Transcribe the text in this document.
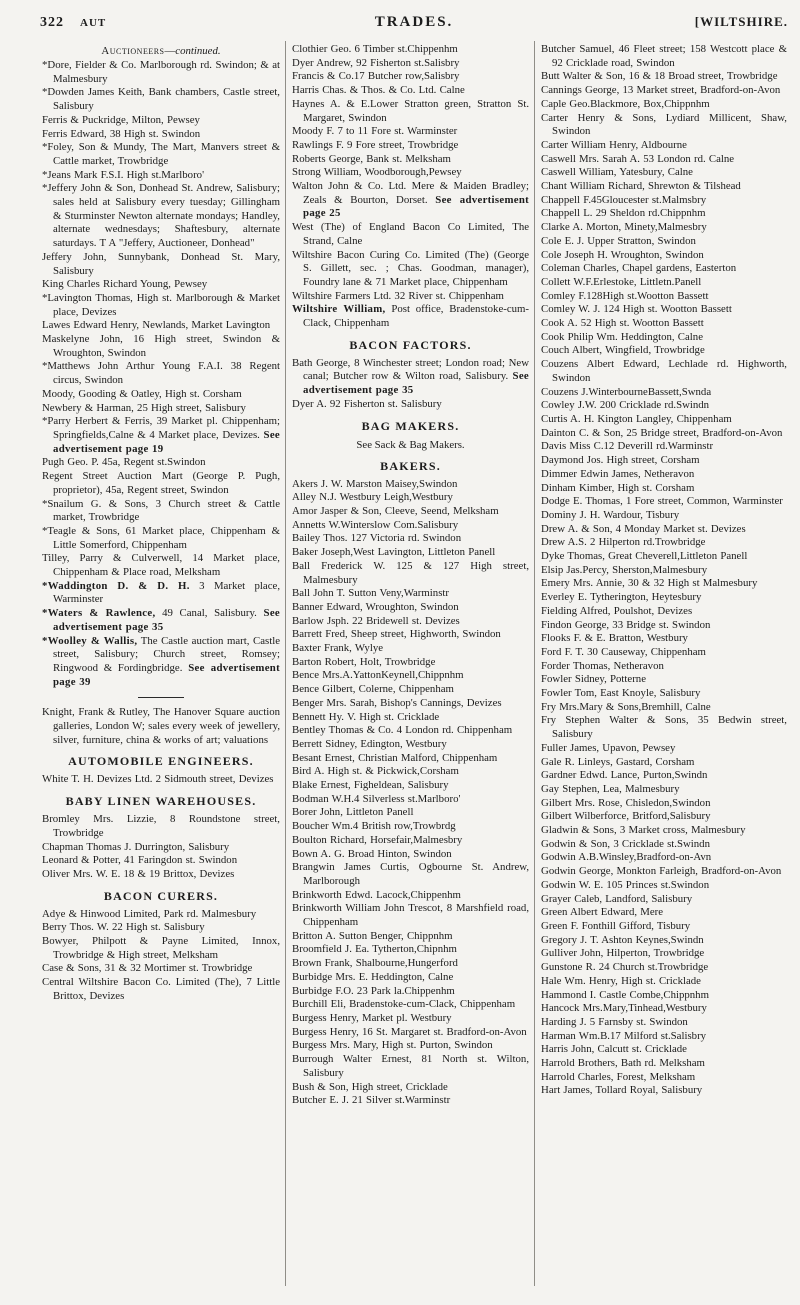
322 AUT	TRADES.	[WILTSHIRE.
Auctioneers—continued.
*Dore, Fielder & Co. Marlborough rd. Swindon; & at Malmesbury
*Dowden James Keith, Bank chambers, Castle street, Salisbury
Ferris & Puckridge, Milton, Pewsey
Ferris Edward, 38 High st. Swindon
*Foley, Son & Mundy, The Mart, Manvers street & Cattle market, Trowbridge
*Jeans Mark F.S.I. High st.Marlboro'
*Jeffery John & Son, Donhead St. Andrew, Salisbury; sales held at Salisbury every tuesday; Gillingham & Sturminster Newton alternate mondays; Handley, alternate wednesdays; Shaftesbury, alternate saturdays. T A "Jeffery, Auctioneer, Donhead"
Jeffery John, Sunnybank, Donhead St. Mary, Salisbury
King Charles Richard Young, Pewsey
*Lavington Thomas, High st. Marlborough & Market place, Devizes
Lawes Edward Henry, Newlands, Market Lavington
Maskelyne John, 16 High street, Swindon & Wroughton, Swindon
*Matthews John Arthur Young F.A.I. 38 Regent circus, Swindon
Moody, Gooding & Oatley, High st. Corsham
Newbery & Harman, 25 High street, Salisbury
*Parry Herbert & Ferris, 39 Market pl. Chippenham; Springfields,Calne & 4 Market place, Devizes. See advertisement page 19
Pugh Geo. P. 45a, Regent st.Swindon
Regent Street Auction Mart (George P. Pugh, proprietor), 45a, Regent street, Swindon
*Snailum G. & Sons, 3 Church street & Cattle market, Trowbridge
*Teagle & Sons, 61 Market place, Chippenham & Little Somerford, Chippenham
Tilley, Parry & Culverwell, 14 Market place, Chippenham & Place road, Melksham
*Waddington D. & D. H. 3 Market place, Warminster
*Waters & Rawlence, 49 Canal, Salisbury. See advertisement page 35
*Woolley & Wallis, The Castle auction mart, Castle street, Salisbury; Church street, Romsey; Ringwood & Fordingbridge. See advertisement page 39
Knight, Frank & Rutley, The Hanover Square auction galleries, London W; sales every week of jewellery, silver, furniture, china & works of art; valuations
AUTOMOBILE ENGINEERS.
White T. H. Devizes Ltd. 2 Sidmouth street, Devizes
BABY LINEN WAREHOUSES.
Bromley Mrs. Lizzie, 8 Roundstone street, Trowbridge
Chapman Thomas J. Durrington, Salisbury
Leonard & Potter, 41 Faringdon st. Swindon
Oliver Mrs. W. E. 18 & 19 Brittox, Devizes
BACON CURERS.
Adye & Hinwood Limited, Park rd. Malmesbury
Berry Thos. W. 22 High st. Salisbury
Bowyer, Philpott & Payne Limited, Innox, Trowbridge & High street, Melksham
Case & Sons, 31 & 32 Mortimer st. Trowbridge
Central Wiltshire Bacon Co. Limited (The), 7 Little Brittox, Devizes
Clothier Geo. 6 Timber st.Chippenhm
Dyer Andrew, 92 Fisherton st.Salisbry
Francis & Co.17 Butcher row,Salisbry
Harris Chas. & Thos. & Co. Ltd. Calne
Haynes A. & E.Lower Stratton green, Stratton St. Margaret, Swindon
Moody F. 7 to 11 Fore st. Warminster
Rawlings F. 9 Fore street, Trowbridge
Roberts George, Bank st. Melksham
Strong William, Woodborough,Pewsey
Walton John & Co. Ltd. Mere & Maiden Bradley; Zeals & Bourton, Dorset. See advertisement page 25
West (The) of England Bacon Co Limited, The Strand, Calne
Wiltshire Bacon Curing Co. Limited (The) (George S. Gillett, sec. ; Chas. Goodman, manager), Foundry lane & 71 Market place, Chippenham
Wiltshire Farmers Ltd. 32 River st. Chippenham
Wiltshire William, Post office, Bradenstoke-cum-Clack, Chippenham
BACON FACTORS.
Bath George, 8 Winchester street; London road; New canal; Butcher row & Wilton road, Salisbury. See advertisement page 35
Dyer A. 92 Fisherton st. Salisbury
BAG MAKERS.
See Sack & Bag Makers.
BAKERS.
Akers J. W. Marston Maisey,Swindon
Alley N.J. Westbury Leigh,Westbury
Amor Jasper & Son, Cleeve, Seend, Melksham
Annetts W.Winterslow Com.Salisbury
Bailey Thos. 127 Victoria rd. Swindon
Baker Joseph,West Lavington, Littleton Panell
Ball Frederick W. 125 & 127 High street, Malmesbury
Ball John T. Sutton Veny,Warminstr
Banner Edward, Wroughton, Swindon
Barlow Jsph. 22 Bridewell st. Devizes
Barrett Fred, Sheep street, Highworth, Swindon
Baxter Frank, Wylye
Barton Robert, Holt, Trowbridge
Bence Mrs.A.YattonKeynell,Chippnhm
Bence Gilbert, Colerne, Chippenham
Benger Mrs. Sarah, Bishop's Cannings, Devizes
Bennett Hy. V. High st. Cricklade
Bentley Thomas & Co. 4 London rd. Chippenham
Berrett Sidney, Edington, Westbury
Besant Ernest, Christian Malford, Chippenham
Bird A. High st. & Pickwick,Corsham
Blake Ernest, Figheldean, Salisbury
Bodman W.H.4 Silverless st.Marlboro'
Borer John, Littleton Panell
Boucher Wm.4 British row,Trowbrdg
Boulton Richard, Horsefair,Malmesbry
Bown A. G. Broad Hinton, Swindon
Brangwin James Curtis, Ogbourne St. Andrew, Marlborough
Brinkworth Edwd. Lacock,Chippenhm
Brinkworth William John Trescot, 8 Marshfield road, Chippenham
Britton A. Sutton Benger, Chippnhm
Broomfield J. Ea. Tytherton,Chipnhm
Brown Frank, Shalbourne,Hungerford
Burbidge Mrs. E. Heddington, Calne
Burbidge F.O. 23 Park la.Chippenhm
Burchill Eli, Bradenstoke-cum-Clack, Chippenham
Burgess Henry, Market pl. Westbury
Burgess Henry, 16 St. Margaret st. Bradford-on-Avon
Burgess Mrs. Mary, High st. Purton, Swindon
Burrough Walter Ernest, 81 North st. Wilton, Salisbury
Bush & Son, High street, Cricklade
Butcher E. J. 21 Silver st.Warminstr
Butcher Samuel, 46 Fleet street; 158 Westcott place & 92 Cricklade road, Swindon
Butt Walter & Son, 16 & 18 Broad street, Trowbridge
Cannings George, 13 Market street, Bradford-on-Avon
Caple Geo.Blackmore, Box,Chippnhm
Carter Henry & Sons, Lydiard Millicent, Shaw, Swindon
Carter William Henry, Aldbourne
Caswell Mrs. Sarah A. 53 London rd. Calne
Caswell William, Yatesbury, Calne
Chant William Richard, Shrewton & Tilshead
Chappell F.45Gloucester st.Malmsbry
Chappell L. 29 Sheldon rd.Chippnhm
Clarke A. Morton, Minety,Malmesbry
Cole E. J. Upper Stratton, Swindon
Cole Joseph H. Wroughton, Swindon
Coleman Charles, Chapel gardens, Easterton
Collett W.F.Erlestoke, Littletn.Panell
Comley F.128High st.Wootton Bassett
Comley W. J. 124 High st. Wootton Bassett
Cook A. 52 High st. Wootton Bassett
Cook Philip Wm. Heddington, Calne
Couch Albert, Wingfield, Trowbridge
Couzens Albert Edward, Lechlade rd. Highworth, Swindon
Couzens J.WinterbourneBassett,Swnda
Cowley J.W. 200 Cricklade rd.Swindn
Curtis A. H. Kington Langley, Chippenham
Dainton C. & Son, 25 Bridge street, Bradford-on-Avon
Davis Miss C.12 Deverill rd.Warminstr
Daymond Jos. High street, Corsham
Dimmer Edwin James, Netheravon
Dinham Kimber, High st. Corsham
Dodge E. Thomas, 1 Fore street, Common, Warminster
Dominy J. H. Wardour, Tisbury
Drew A. & Son, 4 Monday Market st. Devizes
Drew A.S. 2 Hilperton rd.Trowbridge
Dyke Thomas, Great Cheverell,Littleton Panell
Elsip Jas.Percy, Sherston,Malmesbury
Emery Mrs. Annie, 30 & 32 High st Malmesbury
Everley E. Tytherington, Heytesbury
Fielding Alfred, Poulshot, Devizes
Findon George, 33 Bridge st. Swindon
Flooks F. & E. Bratton, Westbury
Ford F. T. 30 Causeway, Chippenham
Forder Thomas, Netheravon
Fowler Sidney, Potterne
Fowler Tom, East Knoyle, Salisbury
Fry Mrs.Mary & Sons,Bremhill, Calne
Fry Stephen Walter & Sons, 35 Bedwin street, Salisbury
Fuller James, Upavon, Pewsey
Gale R. Linleys, Gastard, Corsham
Gardner Edwd. Lance, Purton,Swindn
Gay Stephen, Lea, Malmesbury
Gilbert Mrs. Rose, Chisledon,Swindon
Gilbert Wilberforce, Britford,Salisbury
Gladwin & Sons, 3 Market cross, Malmesbury
Godwin & Son, 3 Cricklade st.Swindn
Godwin A.B.Winsley,Bradford-on-Avn
Godwin George, Monkton Farleigh, Bradford-on-Avon
Godwin W. E. 105 Princes st.Swindon
Grayer Caleb, Landford, Salisbury
Green Albert Edward, Mere
Green F. Fonthill Gifford, Tisbury
Gregory J. T. Ashton Keynes,Swindn
Gulliver John, Hilperton, Trowbridge
Gunstone R. 24 Church st.Trowbridge
Hale Wm. Henry, High st. Cricklade
Hammond I. Castle Combe,Chippnhm
Hancock Mrs.Mary,Tinhead,Westbury
Harding J. 5 Farnsby st. Swindon
Harman Wm.B.17 Milford st.Salisbry
Harris John, Calcutt st. Cricklade
Harrold Brothers, Bath rd. Melksham
Harrold Charles, Forest, Melksham
Hart James, Tollard Royal, Salisbury
